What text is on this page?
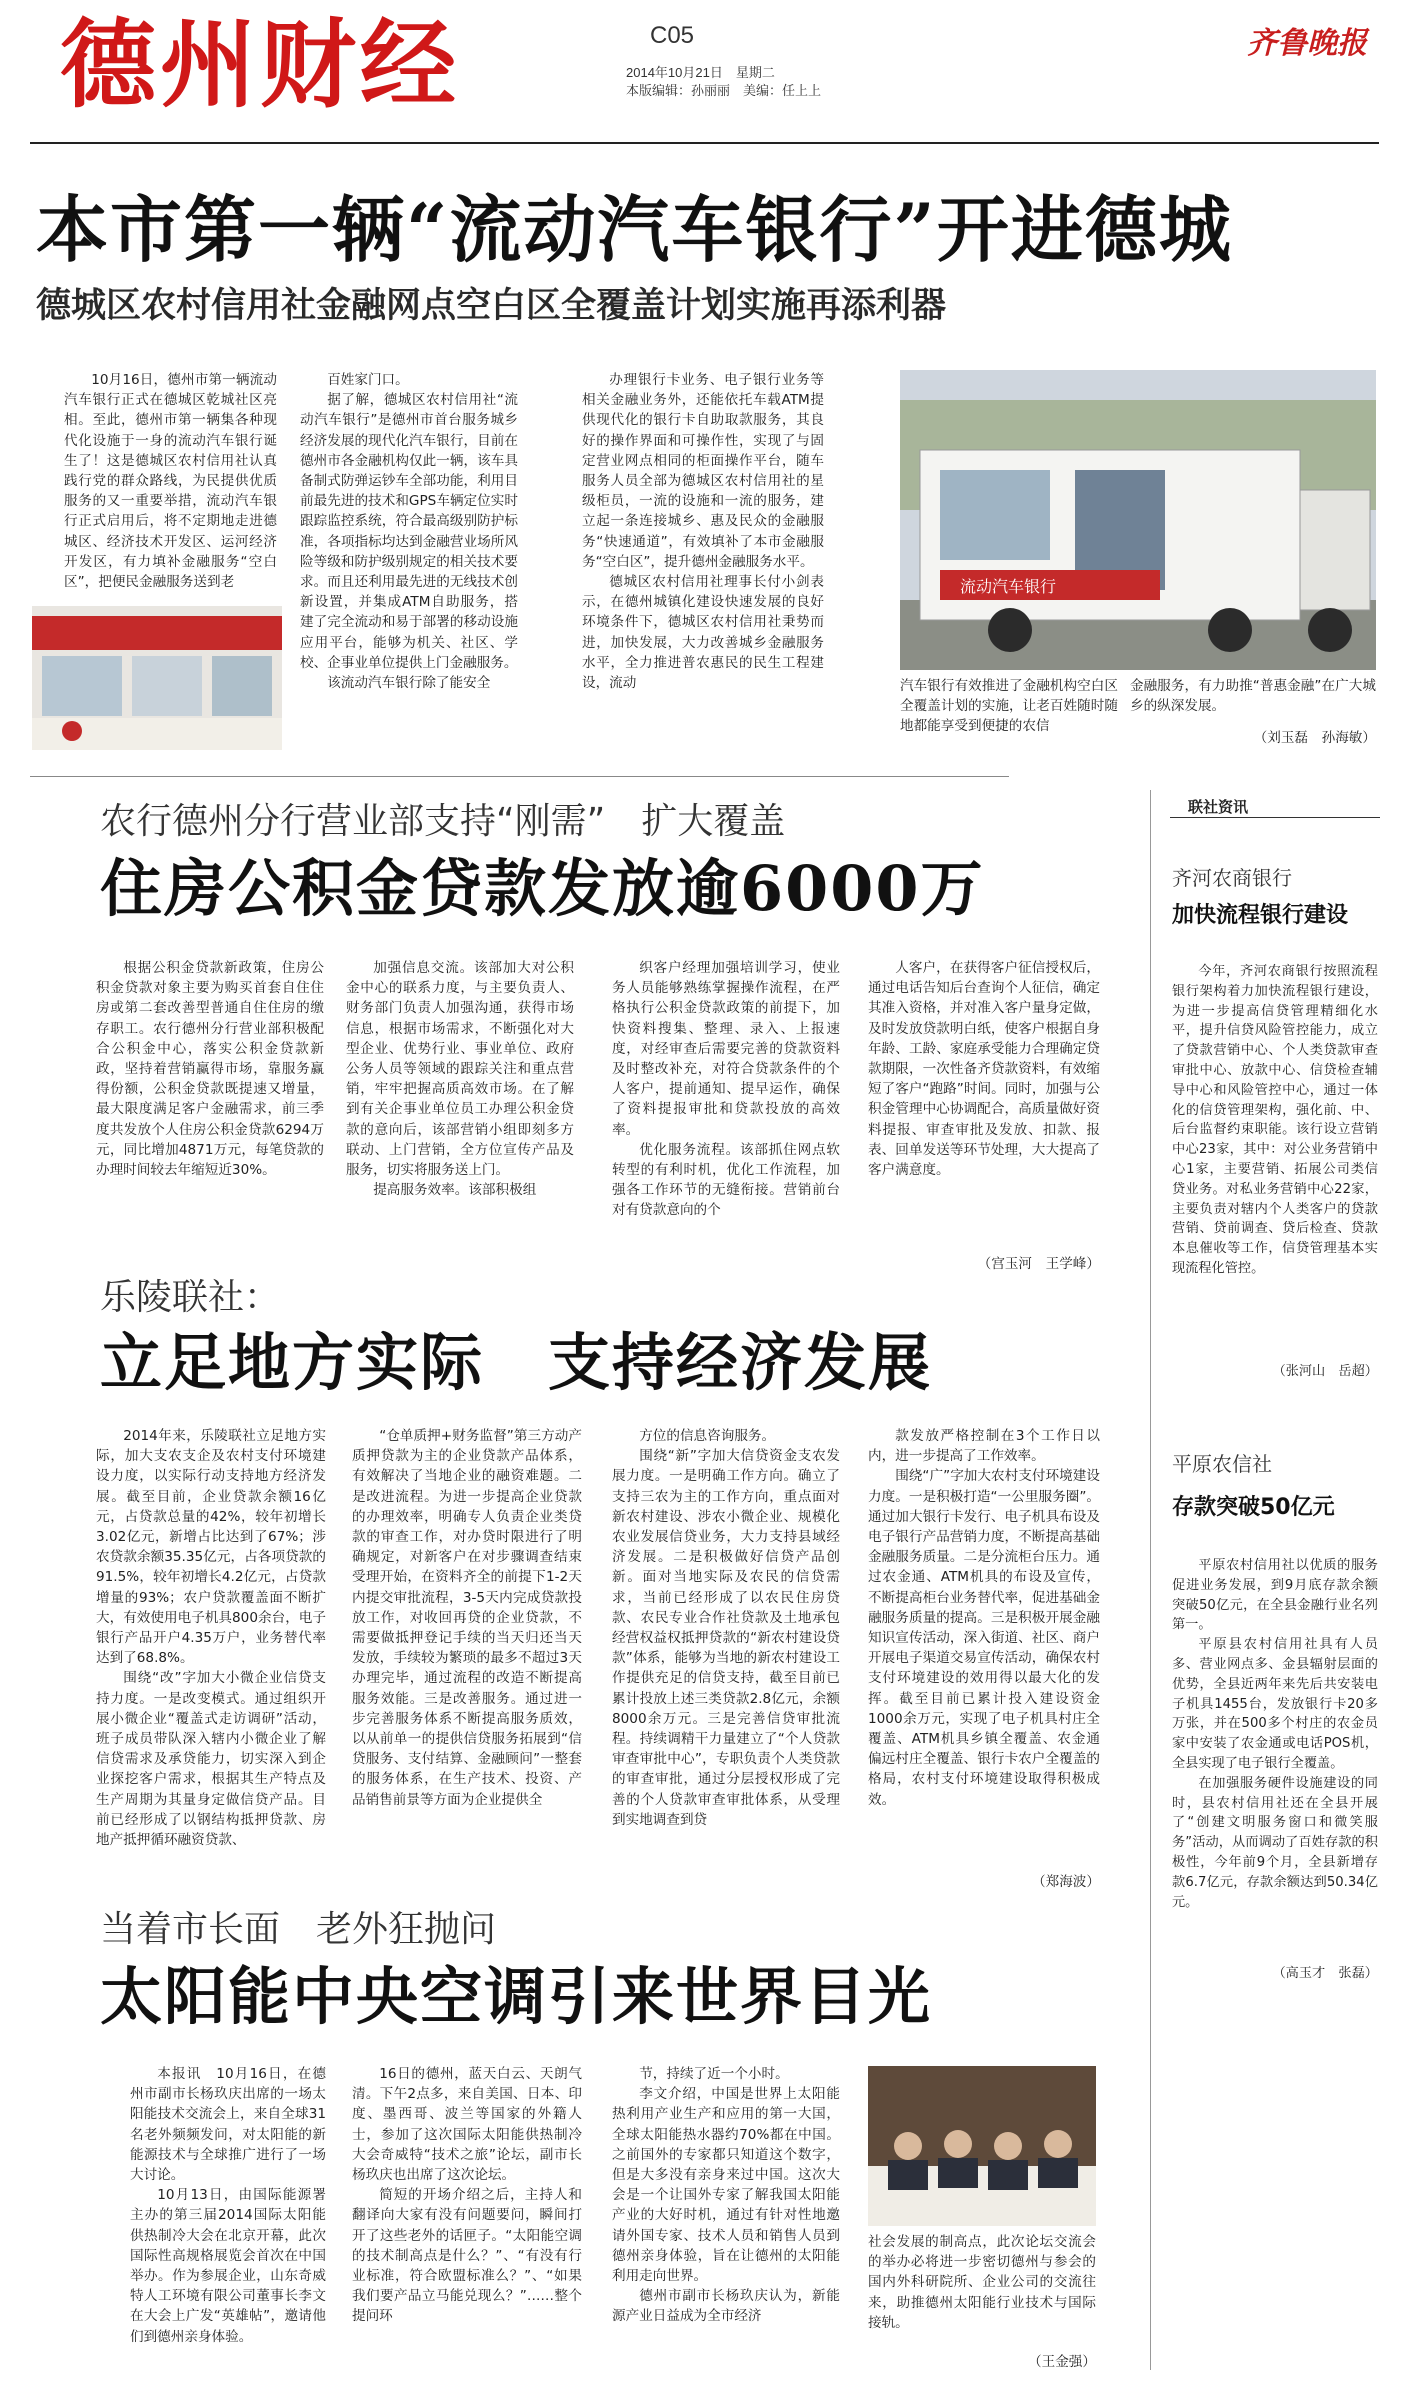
德州财经	C05
2014年10月21日　星期二
本版编辑：孙丽丽　美编：任上上
齐鲁晚报
本市第一辆“流动汽车银行”开进德城
德城区农村信用社金融网点空白区全覆盖计划实施再添利器

10月16日，德州市第一辆流动汽车银行正式在德城区乾城社区亮相。至此，德州市第一辆集各种现代化设施于一身的流动汽车银行诞生了！这是德城区农村信用社认真践行党的群众路线，为民提供优质服务的又一重要举措，流动汽车银行正式启用后，将不定期地走进德城区、经济技术开发区、运河经济开发区，有力填补金融服务“空白区”，把便民金融服务送到老

百姓家门口。

据了解，德城区农村信用社“流动汽车银行”是德州市首台服务城乡经济发展的现代化汽车银行，目前在德州市各金融机构仅此一辆，该车具备制式防弹运钞车全部功能，利用目前最先进的技术和GPS车辆定位实时跟踪监控系统，符合最高级别防护标准，各项指标均达到金融营业场所风险等级和防护级别规定的相关技术要求。而且还利用最先进的无线技术创新设置，并集成ATM自助服务，搭建了完全流动和易于部署的移动设施应用平台，能够为机关、社区、学校、企事业单位提供上门金融服务。

该流动汽车银行除了能安全

办理银行卡业务、电子银行业务等相关金融业务外，还能依托车载ATM提供现代化的银行卡自助取款服务，其良好的操作界面和可操作性，实现了与固定营业网点相同的柜面操作平台，随车服务人员全部为德城区农村信用社的星级柜员，一流的设施和一流的服务，建立起一条连接城乡、惠及民众的金融服务“快速通道”，有效填补了本市金融服务“空白区”，提升德州金融服务水平。

德城区农村信用社理事长付小剑表示，在德州城镇化建设快速发展的良好环境条件下，德城区农村信用社秉势而进，加快发展，大力改善城乡金融服务水平，全力推进普农惠民的民生工程建设，流动

流动汽车银行
汽车银行有效推进了金融机构空白区全覆盖计划的实施，让老百姓随时随地都能享受到便捷的农信
金融服务，有力助推“普惠金融”在广大城乡的纵深发展。
（刘玉磊　孙海敏）
农行德州分行营业部支持“刚需”　扩大覆盖
住房公积金贷款发放逾6000万

根据公积金贷款新政策，住房公积金贷款对象主要为购买首套自住住房或第二套改善型普通自住住房的缴存职工。农行德州分行营业部积极配合公积金中心，落实公积金贷款新政，坚持着营销赢得市场，靠服务赢得份额，公积金贷款既提速又增量，最大限度满足客户金融需求，前三季度共发放个人住房公积金贷款6294万元，同比增加4871万元，每笔贷款的办理时间较去年缩短近30%。

加强信息交流。该部加大对公积金中心的联系力度，与主要负责人、财务部门负责人加强沟通，获得市场信息，根据市场需求，不断强化对大型企业、优势行业、事业单位、政府公务人员等领域的跟踪关注和重点营销，牢牢把握高质高效市场。在了解到有关企事业单位员工办理公积金贷款的意向后，该部营销小组即刻多方联动、上门营销，全方位宣传产品及服务，切实将服务送上门。

提高服务效率。该部积极组

织客户经理加强培训学习，使业务人员能够熟练掌握操作流程，在严格执行公积金贷款政策的前提下，加快资料搜集、整理、录入、上报速度，对经审查后需要完善的贷款资料及时整改补充，对符合贷款条件的个人客户，提前通知、提早运作，确保了资料提报审批和贷款投放的高效率。

优化服务流程。该部抓住网点软转型的有利时机，优化工作流程，加强各工作环节的无缝衔接。营销前台对有贷款意向的个

人客户，在获得客户征信授权后，通过电话告知后台查询个人征信，确定其准入资格，并对准入客户量身定做，及时发放贷款明白纸，使客户根据自身年龄、工龄、家庭承受能力合理确定贷款期限，一次性备齐贷款资料，有效缩短了客户“跑路”时间。同时，加强与公积金管理中心协调配合，高质量做好资料提报、审查审批及发放、扣款、报表、回单发送等环节处理，大大提高了客户满意度。

（宫玉河　王学峰）
乐陵联社：
立足地方实际　支持经济发展

2014年来，乐陵联社立足地方实际，加大支农支企及农村支付环境建设力度，以实际行动支持地方经济发展。截至目前，企业贷款余额16亿元，占贷款总量的42%，较年初增长3.02亿元，新增占比达到了67%；涉农贷款余额35.35亿元，占各项贷款的91.5%，较年初增长4.2亿元，占贷款增量的93%；农户贷款覆盖面不断扩大，有效使用电子机具800余台，电子银行产品开户4.35万户，业务替代率达到了68.8%。

围绕“改”字加大小微企业信贷支持力度。一是改变模式。通过组织开展小微企业“覆盖式走访调研”活动，班子成员带队深入辖内小微企业了解信贷需求及承贷能力，切实深入到企业探挖客户需求，根据其生产特点及生产周期为其量身定做信贷产品。目前已经形成了以钢结构抵押贷款、房地产抵押循环融资贷款、

“仓单质押+财务监督”第三方动产质押贷款为主的企业贷款产品体系，有效解决了当地企业的融资难题。二是改进流程。为进一步提高企业贷款的办理效率，明确专人负责企业类贷款的审查工作，对办贷时限进行了明确规定，对新客户在对步骤调查结束受理开始，在资料齐全的前提下1-2天内提交审批流程，3-5天内完成贷款投放工作，对收回再贷的企业贷款，不需要做抵押登记手续的当天归还当天发放，手续较为繁琐的最多不超过3天办理完毕，通过流程的改造不断提高服务效能。三是改善服务。通过进一步完善服务体系不断提高服务质效，以从前单一的提供信贷服务拓展到“信贷服务、支付结算、金融顾问”一整套的服务体系，在生产技术、投资、产品销售前景等方面为企业提供全

方位的信息咨询服务。

围绕“新”字加大信贷资金支农发展力度。一是明确工作方向。确立了支持三农为主的工作方向，重点面对新农村建设、涉农小微企业、规模化农业发展信贷业务，大力支持县域经济发展。二是积极做好信贷产品创新。面对当地实际及农民的信贷需求，当前已经形成了以农民住房贷款、农民专业合作社贷款及土地承包经营权益权抵押贷款的“新农村建设贷款”体系，能够为当地的新农村建设工作提供充足的信贷支持，截至目前已累计投放上述三类贷款2.8亿元，余额8000余万元。三是完善信贷审批流程。持续调精干力量建立了“个人贷款审查审批中心”，专职负责个人类贷款的审查审批，通过分层授权形成了完善的个人贷款审查审批体系，从受理到实地调查到贷

款发放严格控制在3个工作日以内，进一步提高了工作效率。

围绕“广”字加大农村支付环境建设力度。一是积极打造“一公里服务圈”。通过加大银行卡发行、电子机具布设及电子银行产品营销力度，不断提高基础金融服务质量。二是分流柜台压力。通过农金通、ATM机具的布设及宣传，不断提高柜台业务替代率，促进基础金融服务质量的提高。三是积极开展金融知识宣传活动，深入街道、社区、商户开展电子渠道交易宣传活动，确保农村支付环境建设的效用得以最大化的发挥。截至目前已累计投入建设资金1000余万元，实现了电子机具村庄全覆盖、ATM机具乡镇全覆盖、农金通偏远村庄全覆盖、银行卡农户全覆盖的格局，农村支付环境建设取得积极成效。

（郑海波）
当着市长面　老外狂抛问
太阳能中央空调引来世界目光

本报讯　10月16日，在德州市副市长杨玖庆出席的一场太阳能技术交流会上，来自全球31名老外频频发问，对太阳能的新能源技术与全球推广进行了一场大讨论。

10月13日，由国际能源署主办的第三届2014国际太阳能供热制冷大会在北京开幕，此次国际性高规格展览会首次在中国举办。作为参展企业，山东奇威特人工环境有限公司董事长李文在大会上广发“英雄帖”，邀请他们到德州亲身体验。

16日的德州，蓝天白云、天朗气清。下午2点多，来自美国、日本、印度、墨西哥、波兰等国家的外籍人士，参加了这次国际太阳能供热制冷大会奇威特“技术之旅”论坛，副市长杨玖庆也出席了这次论坛。

简短的开场介绍之后，主持人和翻译向大家有没有问题要问，瞬间打开了这些老外的话匣子。“太阳能空调的技术制高点是什么？”、“有没有行业标准，符合欧盟标准么？”、“如果我们要产品立马能兑现么？”……整个提问环

节，持续了近一个小时。

李文介绍，中国是世界上太阳能热利用产业生产和应用的第一大国，全球太阳能热水器约70%都在中国。之前国外的专家都只知道这个数字，但是大多没有亲身来过中国。这次大会是一个让国外专家了解我国太阳能产业的大好时机，通过有针对性地邀请外国专家、技术人员和销售人员到德州亲身体验，旨在让德州的太阳能利用走向世界。

德州市副市长杨玖庆认为，新能源产业日益成为全市经济

社会发展的制高点，此次论坛交流会的举办必将进一步密切德州与参会的国内外科研院所、企业公司的交流往来，助推德州太阳能行业技术与国际接轨。
（王金强）
联社资讯
齐河农商银行
加快流程银行建设

今年，齐河农商银行按照流程银行架构着力加快流程银行建设，为进一步提高信贷管理精细化水平，提升信贷风险管控能力，成立了贷款营销中心、个人类贷款审查审批中心、放款中心、信贷检查辅导中心和风险管控中心，通过一体化的信贷管理架构，强化前、中、后台监督约束职能。该行设立营销中心23家，其中：对公业务营销中心1家，主要营销、拓展公司类信贷业务。对私业务营销中心22家，主要负责对辖内个人类客户的贷款营销、贷前调查、贷后检查、贷款本息催收等工作，信贷管理基本实现流程化管控。

（张河山　岳超）
平原农信社
存款突破50亿元

平原农村信用社以优质的服务促进业务发展，到9月底存款余额突破50亿元，在全县金融行业名列第一。

平原县农村信用社具有人员多、营业网点多、金县辐射层面的优势，全县近两年来先后共安装电子机具1455台，发放银行卡20多万张，并在500多个村庄的农金员家中安装了农金通或电话POS机，全县实现了电子银行全覆盖。

在加强服务硬件设施建设的同时，县农村信用社还在全县开展了“创建文明服务窗口和微笑服务”活动，从而调动了百姓存款的积极性，今年前9个月，全县新增存款6.7亿元，存款余额达到50.34亿元。

（高玉才　张磊）
